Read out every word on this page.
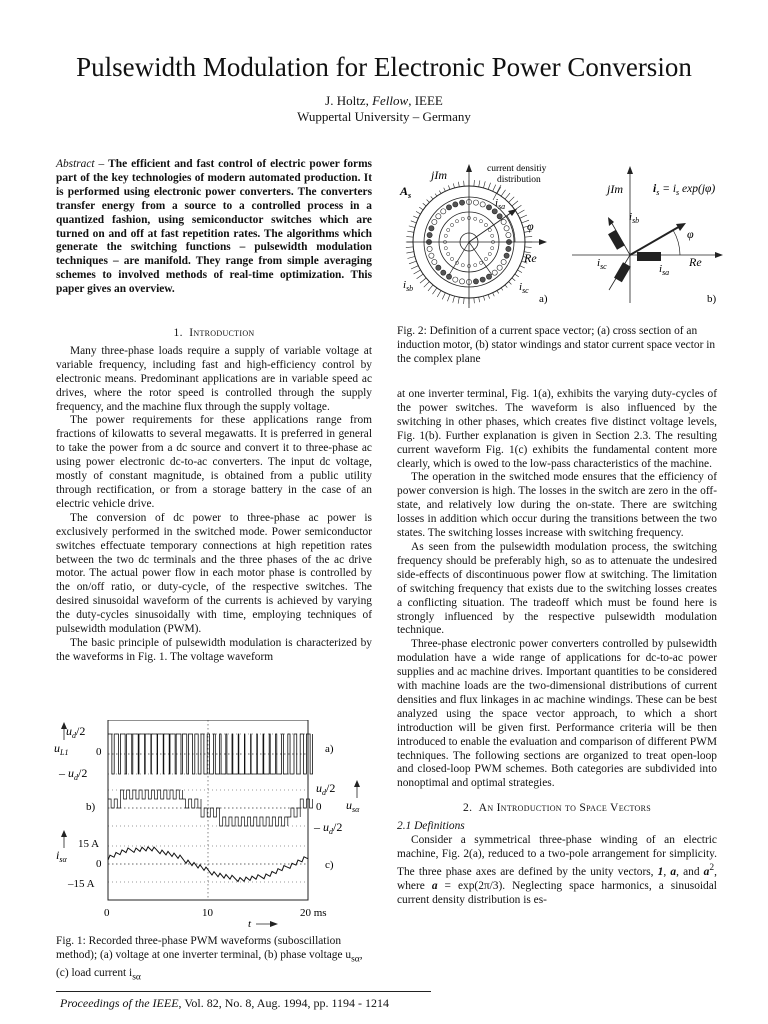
Pulsewidth Modulation for Electronic Power Conversion
J. Holtz, Fellow, IEEE
Wuppertal University – Germany

Abstract – The efficient and fast control of electric power forms part of the key technologies of modern automated production. It is performed using electronic power converters. The converters transfer energy from a source to a controlled process in a quantized fashion, using semiconductor switches which are turned on and off at fast repetition rates. The algorithms which generate the switching functions – pulsewidth modulation techniques – are manifold. They range from simple averaging schemes to involved methods of real-time optimization. This paper gives an overview.

1. Introduction

Many three-phase loads require a supply of variable voltage at variable frequency, including fast and high-efficiency control by electronic means. Predominant applications are in variable speed ac drives, where the rotor speed is controlled through the supply frequency, and the machine flux through the supply voltage.

The power requirements for these applications range from fractions of kilowatts to several megawatts. It is preferred in general to take the power from a dc source and convert it to three-phase ac using power electronic dc-to-ac converters. The input dc voltage, mostly of constant magnitude, is obtained from a public utility through rectification, or from a storage battery in the case of an electric vehicle drive.

The conversion of dc power to three-phase ac power is exclusively performed in the switched mode. Power semiconductor switches effectuate temporary connections at high repetition rates between the two dc terminals and the three phases of the ac drive motor. The actual power flow in each motor phase is controlled by the on/off ratio, or duty-cycle, of the respective switches. The desired sinusoidal waveform of the currents is achieved by varying the duty-cycles sinusoidally with time, employing techniques of pulsewidth modulation (PWM).

The basic principle of pulsewidth modulation is characterized by the waveforms in Fig. 1. The voltage waveform

jIm	current densitiy
distribution
$A_s$
$i_{sa}$
φ
Re
$i_{sb}$	$i_{sc}$
a)
jIm	$i_s = i_s$ exp(jφ)
$i_{sb}$
φ
$i_{sc}$	$i_{sa}$
Re
b)
Fig. 2: Definition of a current space vector; (a) cross section of an induction motor, (b) stator windings and stator current space vector in the complex plane

at one inverter terminal, Fig. 1(a), exhibits the varying duty-cycles of the power switches. The waveform is also influenced by the switching in other phases, which creates five distinct voltage levels, Fig. 1(b). Further explanation is given in Section 2.3. The resulting current waveform Fig. 1(c) exhibits the fundamental content more clearly, which is owed to the low-pass characteristics of the machine.

The operation in the switched mode ensures that the efficiency of power conversion is high. The losses in the switch are zero in the off-state, and relatively low during the on-state. There are switching losses in addition which occur during the transitions between the two states. The switching losses increase with switching frequency.

As seen from the pulsewidth modulation process, the switching frequency should be preferably high, so as to attenuate the undesired side-effects of discontinuous power flow at switching. The limitation of switching frequency that exists due to the switching losses creates a conflicting situation. The tradeoff which must be found here is strongly influenced by the respective pulsewidth modulation technique.

Three-phase electronic power converters controlled by pulsewidth modulation have a wide range of applications for dc-to-ac power supplies and ac machine drives. Important quantities to be considered with machine loads are the two-dimensional distributions of current densities and flux linkages in ac machine windings. These can be best analyzed using the space vector approach, to which a short introduction will be given first. Performance criteria will be then introduced to enable the evaluation and comparison of different PWM techniques. The following sections are organized to treat open-loop and closed-loop PWM schemes. Both categories are subdivided into nonoptimal and optimal strategies.

2. An Introduction to Space Vectors

2.1 Definitions

Consider a symmetrical three-phase winding of an electric machine, Fig. 2(a), reduced to a two-pole arrangement for simplicity. The three phase axes are defined by the unity vectors, 1, a, and $a^2$, where a = exp(2π/3). Neglecting space harmonics, a sinusoidal current density distribution is es-

$u_d/2$
$u_{L1}$	0
– $u_d/2$
a)
b)
$u_d/2$
0 $u_{s\alpha}$
– $u_d/2$
15 A
$i_{s\alpha}$	0
–15 A
c)
0	10	20 ms
t
Fig. 1: Recorded three-phase PWM waveforms (suboscillation method); (a) voltage at one inverter terminal, (b) phase voltage $u_{s\alpha}$, (c) load current $i_{s\alpha}$
Proceedings of the IEEE, Vol. 82, No. 8, Aug. 1994, pp. 1194 - 1214
